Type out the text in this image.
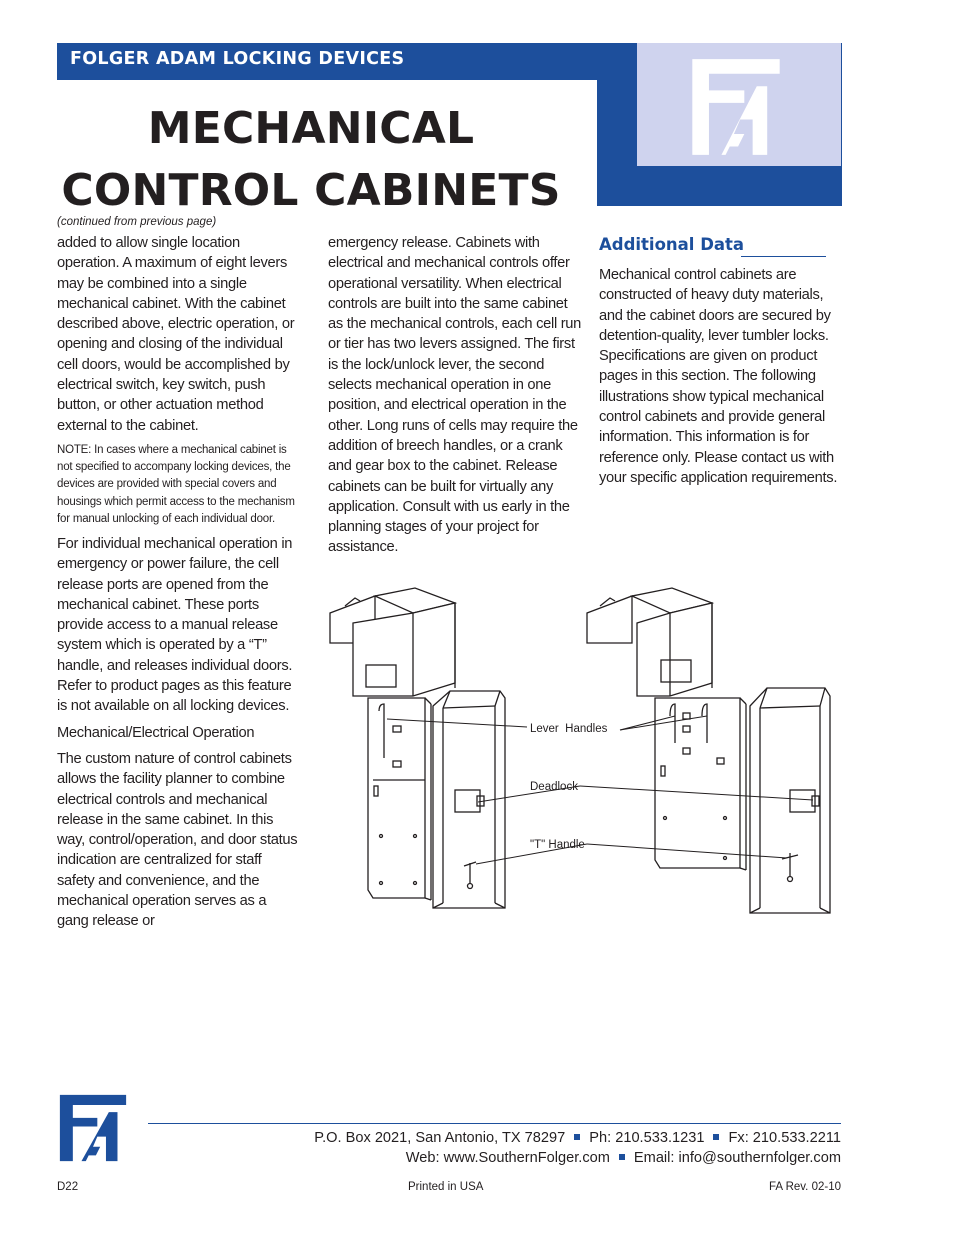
FOLGER ADAM LOCKING DEVICES
MECHANICAL
CONTROL CABINETS
(continued from previous page)

added to allow single location operation. A maximum of eight levers may be combined into a single mechanical cabinet. With the cabinet described above, electric operation, or opening and closing of the individual cell doors, would be accomplished by electrical switch, key switch, push button, or other actuation method external to the cabinet.

NOTE: In cases where a mechanical cabinet is not specified to accompany locking devices, the devices are provided with special covers and housings which permit access to the mechanism for manual unlocking of each individual door.

For individual mechanical operation in emergency or power failure, the cell release ports are opened from the mechanical cabinet. These ports provide access to a manual release system which is operated by a “T” handle, and releases individual doors. Refer to product pages as this feature is not available on all locking devices.

Mechanical/Electrical Operation

The custom nature of control cabinets allows the facility planner to combine electrical controls and mechanical release in the same cabinet. In this way, control/operation, and door status indication are centralized for staff safety and convenience, and the mechanical operation serves as a gang release or

emergency release. Cabinets with electrical and mechanical controls offer operational versatility. When electrical controls are built into the same cabinet as the mechanical controls, each cell run or tier has two levers assigned. The first is the lock/unlock lever, the second selects mechanical operation in one position, and electrical operation in the other. Long runs of cells may require the addition of breech handles, or a crank and gear box to the cabinet. Release cabinets can be built for virtually any application. Consult with us early in the planning stages of your project for assistance.

Additional Data

Mechanical control cabinets are constructed of heavy duty materials, and the cabinet doors are secured by detention-quality, lever tumbler locks. Specifications are given on product pages in this section. The following illustrations show typical mechanical control cabinets and provide general information. This information is for reference only. Please contact us with your specific application requirements.

Lever  Handles
Deadlock
"T" Handle
P.O. Box 2021, San Antonio, TX 78297 Ph: 210.533.1231 Fx: 210.533.2211
Web: www.SouthernFolger.com Email: info@southernfolger.com
D22	Printed in USA	FA Rev. 02-10
